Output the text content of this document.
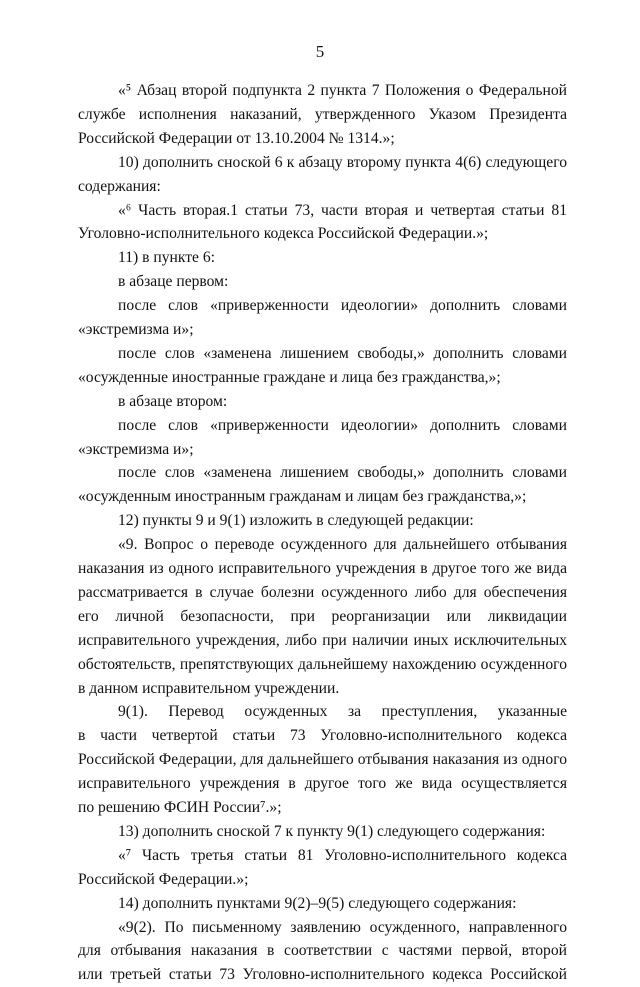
5
«⁵ Абзац второй подпункта 2 пункта 7 Положения о Федеральной
службе исполнения наказаний, утвержденного Указом Президента
Российской Федерации от 13.10.2004 № 1314.»;
10) дополнить сноской 6 к абзацу второму пункта 4(6) следующего
содержания:
«⁶ Часть вторая.1 статьи 73, части вторая и четвертая статьи 81
Уголовно-исполнительного кодекса Российской Федерации.»;
11) в пункте 6:
в абзаце первом:
после слов «приверженности идеологии» дополнить словами
«экстремизма и»;
после слов «заменена лишением свободы,» дополнить словами
«осужденные иностранные граждане и лица без гражданства,»;
в абзаце втором:
после слов «приверженности идеологии» дополнить словами
«экстремизма и»;
после слов «заменена лишением свободы,» дополнить словами
«осужденным иностранным гражданам и лицам без гражданства,»;
12) пункты 9 и 9(1) изложить в следующей редакции:
«9. Вопрос о переводе осужденного для дальнейшего отбывания
наказания из одного исправительного учреждения в другое того же вида
рассматривается в случае болезни осужденного либо для обеспечения
его личной безопасности, при реорганизации или ликвидации
исправительного учреждения, либо при наличии иных исключительных
обстоятельств, препятствующих дальнейшему нахождению осужденного
в данном исправительном учреждении.
9(1). Перевод осужденных за преступления, указанные
в части четвертой статьи 73 Уголовно-исполнительного кодекса
Российской Федерации, для дальнейшего отбывания наказания из одного
исправительного учреждения в другое того же вида осуществляется
по решению ФСИН России⁷.»;
13) дополнить сноской 7 к пункту 9(1) следующего содержания:
«⁷ Часть третья статьи 81 Уголовно-исполнительного кодекса
Российской Федерации.»;
14) дополнить пунктами 9(2)–9(5) следующего содержания:
«9(2). По письменному заявлению осужденного, направленного
для отбывания наказания в соответствии с частями первой, второй
или третьей статьи 73 Уголовно-исполнительного кодекса Российской
